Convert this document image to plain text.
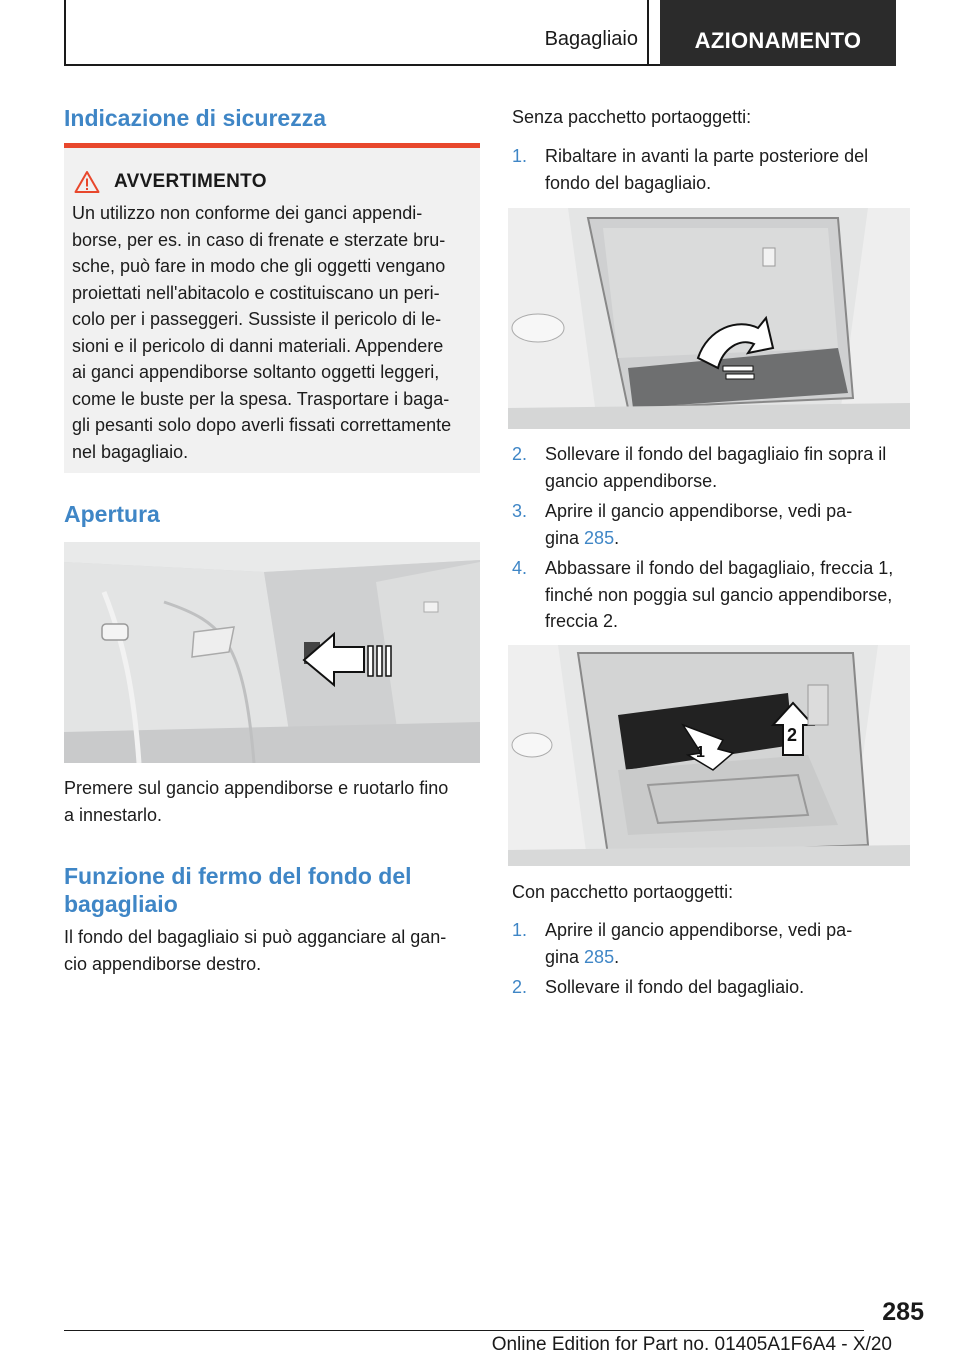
Bagagliaio	AZIONAMENTO
Indicazione di sicurezza
AVVERTIMENTO
Un utilizzo non conforme dei ganci appendi-
borse, per es. in caso di frenate e sterzate bru-
sche, può fare in modo che gli oggetti vengano
proiettati nell'abitacolo e costituiscano un peri-
colo per i passeggeri. Sussiste il pericolo di le-
sioni e il pericolo di danni materiali. Appendere
ai ganci appendiborse soltanto oggetti leggeri,
come le buste per la spesa. Trasportare i baga-
gli pesanti solo dopo averli fissati correttamente
nel bagagliaio.
Apertura
Premere sul gancio appendiborse e ruotarlo fino
a innestarlo.
Funzione di fermo del fondo del
bagagliaio
Il fondo del bagagliaio si può agganciare al gan-
cio appendiborse destro.
Senza pacchetto portaoggetti:
1. Ribaltare in avanti la parte posteriore del
fondo del bagagliaio.
2. Sollevare il fondo del bagagliaio fin sopra il
gancio appendiborse.
3. Aprire il gancio appendiborse, vedi pa-
gina 285.
4. Abbassare il fondo del bagagliaio, freccia 1,
finché non poggia sul gancio appendiborse,
freccia 2.
1
2
Con pacchetto portaoggetti:
1. Aprire il gancio appendiborse, vedi pa-
gina 285.
2. Sollevare il fondo del bagagliaio.
285
Online Edition for Part no. 01405A1F6A4 - X/20
